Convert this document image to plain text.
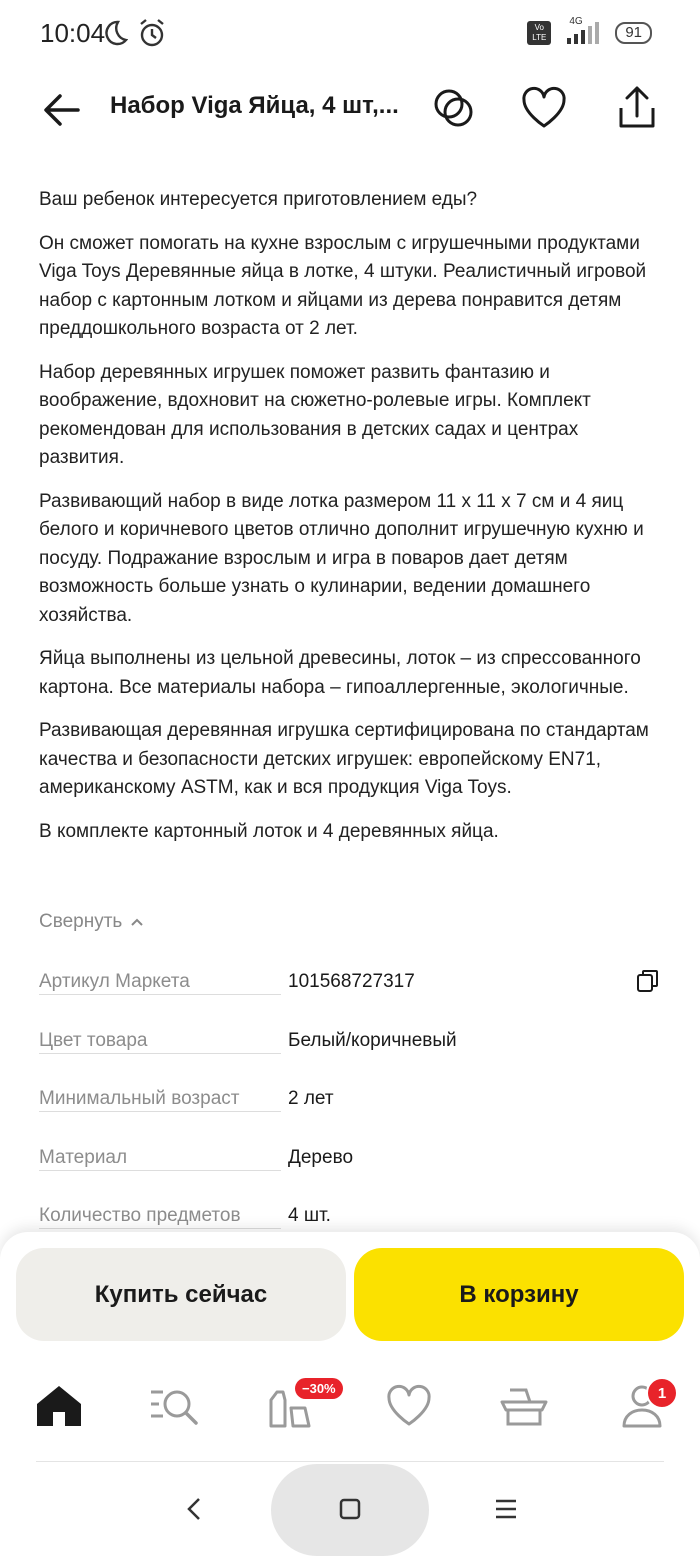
10:04	Vo LTE
4G
91
Набор Viga Яйца, 4 шт,...

Ваш ребенок интересуется приготовлением еды?

Он сможет помогать на кухне взрослым с игрушечными продуктами Viga Toys Деревянные яйца в лотке, 4 штуки. Реалистичный игровой набор с картонным лотком и яйцами из дерева понравится детям преддошкольного возраста от 2 лет.

Набор деревянных игрушек поможет развить фантазию и воображение, вдохновит на сюжетно-ролевые игры. Комплект рекомендован для использования в детских садах и центрах развития.

Развивающий набор в виде лотка размером 11 х 11 х 7 см и 4 яиц белого и коричневого цветов отлично дополнит игрушечную кухню и посуду. Подражание взрослым и игра в поваров дает детям возможность больше узнать о кулинарии, ведении домашнего хозяйства.

Яйца выполнены из цельной древесины, лоток – из спрессованного картона. Все материалы набора – гипоаллергенные, экологичные.

Развивающая деревянная игрушка сертифицирована по стандартам качества и безопасности детских игрушек: европейскому EN71, американскому ASTM, как и вся продукция Viga Toys.

В комплекте картонный лоток и 4 деревянных яйца.

Свернуть
Артикул Маркета	101568727317
Цвет товара	Белый/коричневый
Минимальный возраст	2 лет
Материал	Дерево
Количество предметов 4 шт.
Купить сейчас	В корзину
−30%	1
